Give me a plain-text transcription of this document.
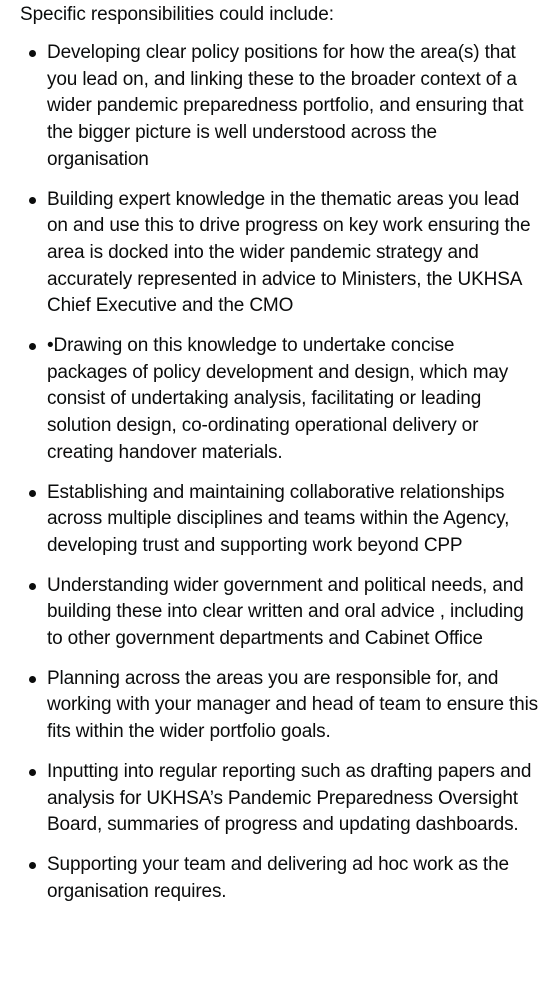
Specific responsibilities could include:

Developing clear policy positions for how the area(s) that you lead on, and linking these to the broader context of a wider pandemic preparedness portfolio, and ensuring that the bigger picture is well understood across the organisation
Building expert knowledge in the thematic areas you lead on and use this to drive progress on key work ensuring the area is docked into the wider pandemic strategy and accurately represented in advice to Ministers, the UKHSA Chief Executive and the CMO
•Drawing on this knowledge to undertake concise packages of policy development and design, which may consist of undertaking analysis, facilitating or leading solution design, co-ordinating operational delivery or creating handover materials.
Establishing and maintaining collaborative relationships across multiple disciplines and teams within the Agency, developing trust and supporting work beyond CPP
Understanding wider government and political needs, and building these into clear written and oral advice , including to other government departments and Cabinet Office
Planning across the areas you are responsible for, and working with your manager and head of team to ensure this fits within the wider portfolio goals.
Inputting into regular reporting such as drafting papers and analysis for UKHSA’s Pandemic Preparedness Oversight Board, summaries of progress and updating dashboards.
Supporting your team and delivering ad hoc work as the organisation requires.
